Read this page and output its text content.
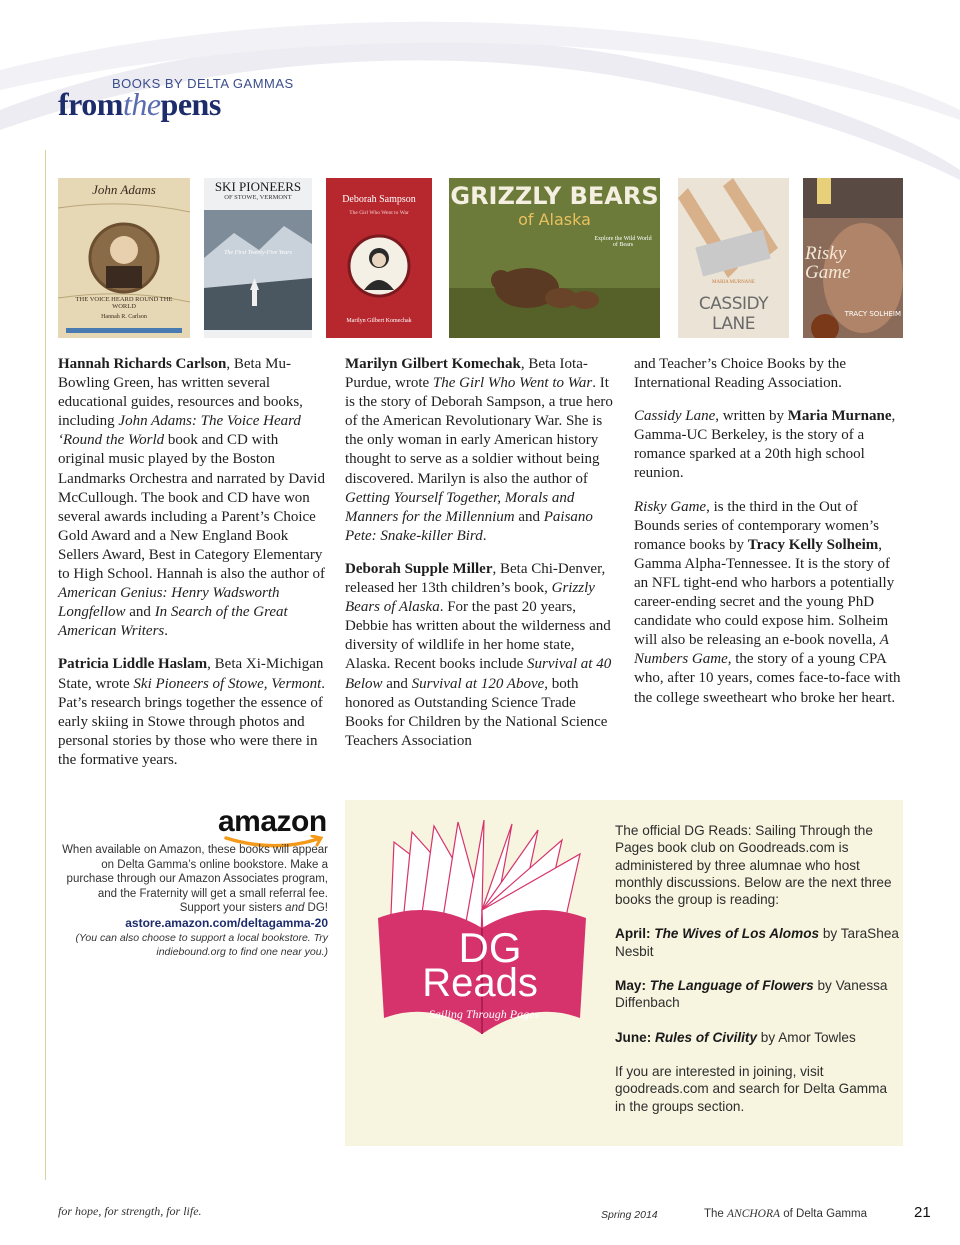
BOOKS BY DELTA GAMMAS
fromthepens
John Adams
THE VOICE HEARD ROUND THE WORLD
Hannah R. Carlson
SKI PIONEERS
OF STOWE, VERMONT
The First Twenty-Five Years
Deborah Sampson
The Girl Who Went to War
Marilyn Gilbert Komechak
GRIZZLY BEARS
of Alaska
Explore the Wild World of Bears
MARIA MURNANE
CASSIDY LANE
Risky Game
TRACY SOLHEIM

Hannah Richards Carlson, Beta Mu-Bowling Green, has written several educational guides, resources and books, including John Adams: The Voice Heard ‘Round the World book and CD with original music played by the Boston Landmarks Orchestra and narrated by David McCullough. The book and CD have won several awards including a Parent’s Choice Gold Award and a New England Book Sellers Award, Best in Category Elementary to High School. Hannah is also the author of American Genius: Henry Wadsworth Longfellow and In Search of the Great American Writers.

Patricia Liddle Haslam, Beta Xi-Michigan State, wrote Ski Pioneers of Stowe, Vermont. Pat’s research brings together the essence of early skiing in Stowe through photos and personal stories by those who were there in the formative years.

Marilyn Gilbert Komechak, Beta Iota-Purdue, wrote The Girl Who Went to War. It is the story of Deborah Sampson, a true hero of the American Revolutionary War. She is the only woman in early American history thought to serve as a soldier without being discovered. Marilyn is also the author of Getting Yourself Together, Morals and Manners for the Millennium and Paisano Pete: Snake-killer Bird.

Deborah Supple Miller, Beta Chi-Denver, released her 13th children’s book, Grizzly Bears of Alaska. For the past 20 years, Debbie has written about the wilderness and diversity of wildlife in her home state, Alaska. Recent books include Survival at 40 Below and Survival at 120 Above, both honored as Outstanding Science Trade Books for Children by the National Science Teachers Association

and Teacher’s Choice Books by the International Reading Association.

Cassidy Lane, written by Maria Murnane, Gamma-UC Berkeley, is the story of a romance sparked at a 20th high school reunion.

Risky Game, is the third in the Out of Bounds series of contemporary women’s romance books by Tracy Kelly Solheim, Gamma Alpha-Tennessee. It is the story of an NFL tight-end who harbors a potentially career-ending secret and the young PhD candidate who could expose him. Solheim will also be releasing an e-book novella, A Numbers Game, the story of a young CPA who, after 10 years, comes face-to-face with the college sweetheart who broke her heart.

amazon
When available on Amazon, these books will appear on Delta Gamma’s online bookstore. Make a purchase through our Amazon Associates program, and the Fraternity will get a small referral fee. Support your sisters and DG!
astore.amazon.com/deltagamma-20
(You can also choose to support a local bookstore. Try indiebound.org to find one near you.)	DG
Reads
Sailing Through Pages

The official DG Reads: Sailing Through the Pages book club on Goodreads.com is administered by three alumnae who host monthly discussions. Below are the next three books the group is reading:

April: The Wives of Los Alomos by TaraShea Nesbit

May: The Language of Flowers by Vanessa Diffenbach

June: Rules of Civility by Amor Towles

If you are interested in joining, visit goodreads.com and search for Delta Gamma in the groups section.

for hope, for strength, for life.	Spring 2014	The ANCHORA of Delta Gamma	21
